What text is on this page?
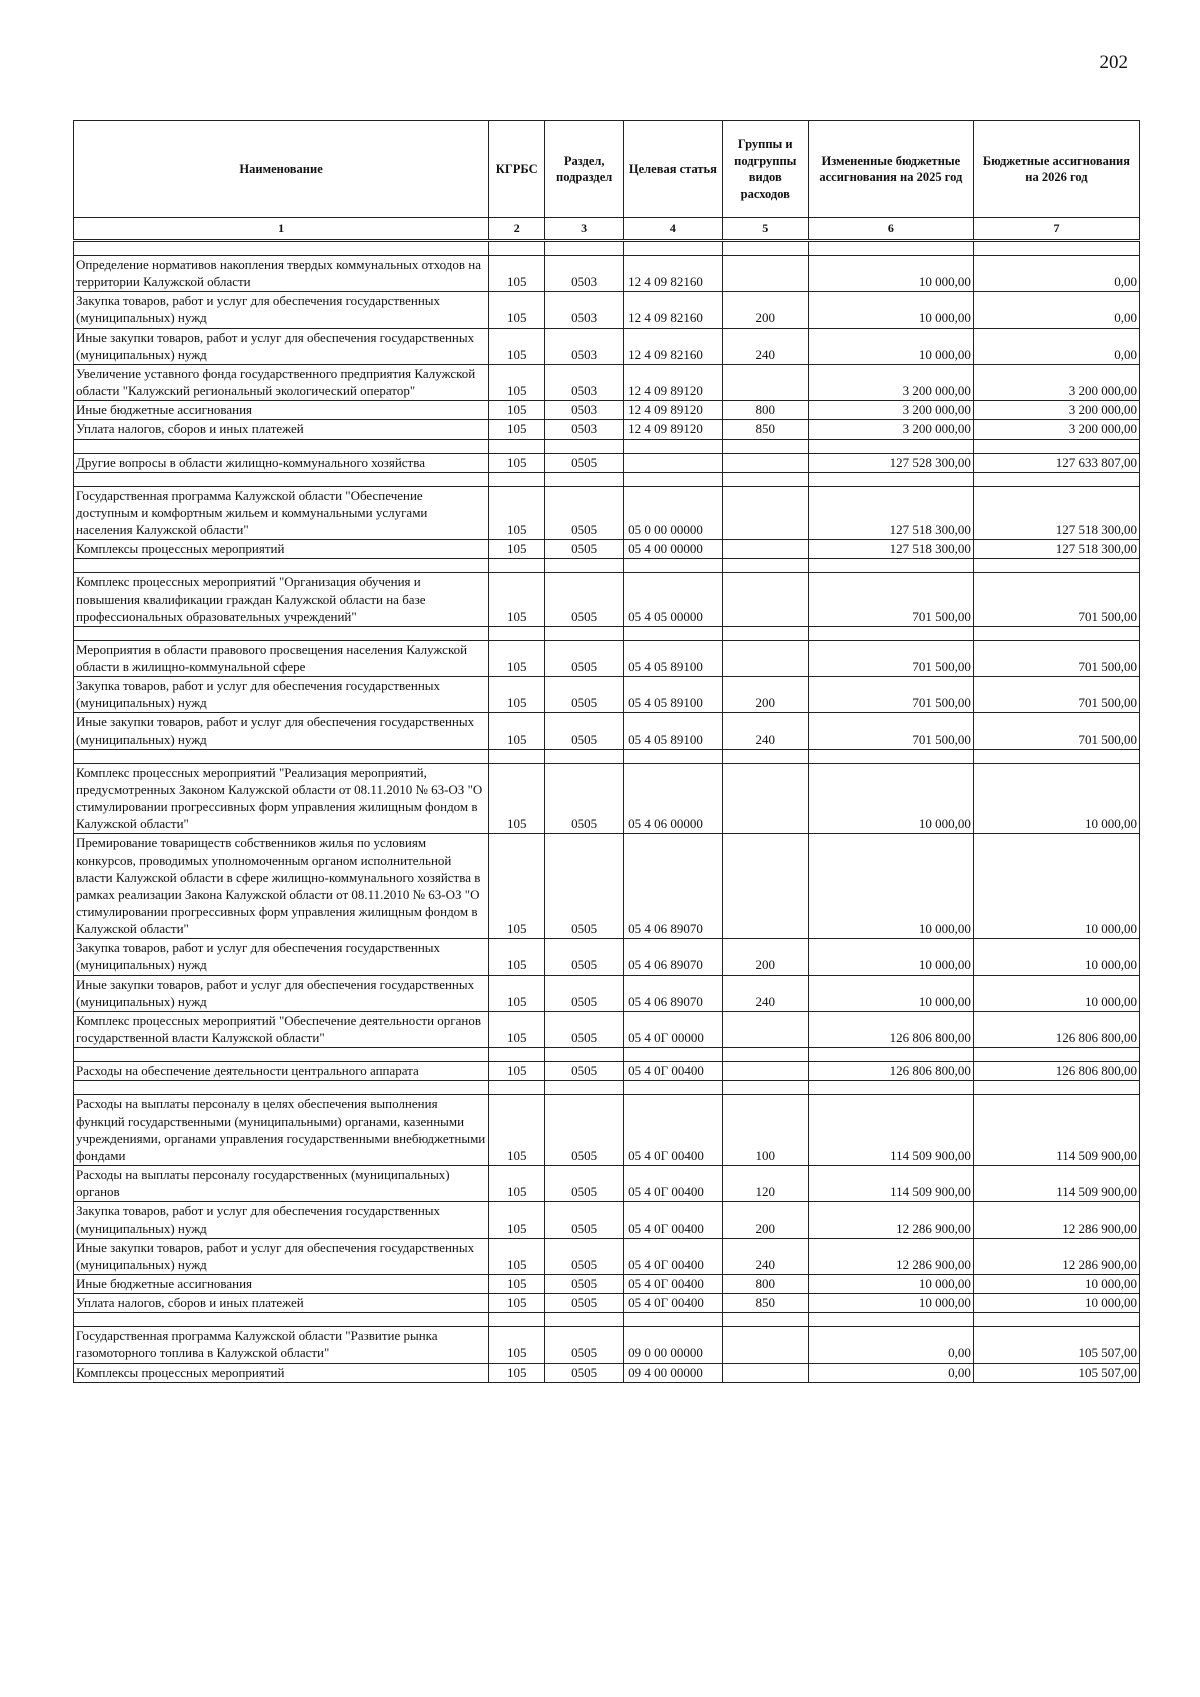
202
Наименование	КГРБС	Раздел, подраздел	Целевая статья	Группы и подгруппы видов расходов	Измененные бюджетные ассигнования на 2025 год	Бюджетные ассигнования на 2026 год
1	2	3	4	5	6	7

Определение нормативов накопления твердых коммунальных отходов на территории Калужской области	105	0503	12 4 09 82160		10 000,00	0,00
Закупка товаров, работ и услуг для обеспечения государственных (муниципальных) нужд	105	0503	12 4 09 82160	200	10 000,00	0,00
Иные закупки товаров, работ и услуг для обеспечения государственных (муниципальных) нужд	105	0503	12 4 09 82160	240	10 000,00	0,00
Увеличение уставного фонда государственного предприятия Калужской области "Калужский региональный экологический оператор"	105	0503	12 4 09 89120		3 200 000,00	3 200 000,00
Иные бюджетные ассигнования	105	0503	12 4 09 89120	800	3 200 000,00	3 200 000,00
Уплата налогов, сборов и иных платежей	105	0503	12 4 09 89120	850	3 200 000,00	3 200 000,00

Другие вопросы в области жилищно-коммунального хозяйства	105	0505			127 528 300,00	127 633 807,00

Государственная программа Калужской области "Обеспечение доступным и комфортным жильем и коммунальными услугами населения Калужской области"	105	0505	05 0 00 00000		127 518 300,00	127 518 300,00
Комплексы процессных мероприятий	105	0505	05 4 00 00000		127 518 300,00	127 518 300,00

Комплекс процессных мероприятий "Организация обучения и повышения квалификации граждан Калужской области на базе профессиональных образовательных учреждений"	105	0505	05 4 05 00000		701 500,00	701 500,00

Мероприятия в области правового просвещения населения Калужской области в жилищно-коммунальной сфере	105	0505	05 4 05 89100		701 500,00	701 500,00
Закупка товаров, работ и услуг для обеспечения государственных (муниципальных) нужд	105	0505	05 4 05 89100	200	701 500,00	701 500,00
Иные закупки товаров, работ и услуг для обеспечения государственных (муниципальных) нужд	105	0505	05 4 05 89100	240	701 500,00	701 500,00

Комплекс процессных мероприятий "Реализация мероприятий, предусмотренных Законом Калужской области от 08.11.2010 № 63-ОЗ "О стимулировании прогрессивных форм управления жилищным фондом в Калужской области"	105	0505	05 4 06 00000		10 000,00	10 000,00
Премирование товариществ собственников жилья по условиям конкурсов, проводимых уполномоченным органом исполнительной власти Калужской области в сфере жилищно-коммунального хозяйства в рамках реализации Закона Калужской области от 08.11.2010 № 63-ОЗ "О стимулировании прогрессивных форм управления жилищным фондом в Калужской области"	105	0505	05 4 06 89070		10 000,00	10 000,00
Закупка товаров, работ и услуг для обеспечения государственных (муниципальных) нужд	105	0505	05 4 06 89070	200	10 000,00	10 000,00
Иные закупки товаров, работ и услуг для обеспечения государственных (муниципальных) нужд	105	0505	05 4 06 89070	240	10 000,00	10 000,00
Комплекс процессных мероприятий "Обеспечение деятельности органов государственной власти Калужской области"	105	0505	05 4 0Г 00000		126 806 800,00	126 806 800,00

Расходы на обеспечение деятельности центрального аппарата	105	0505	05 4 0Г 00400		126 806 800,00	126 806 800,00

Расходы на выплаты персоналу в целях обеспечения выполнения функций государственными (муниципальными) органами, казенными учреждениями, органами управления государственными внебюджетными фондами	105	0505	05 4 0Г 00400	100	114 509 900,00	114 509 900,00
Расходы на выплаты персоналу государственных (муниципальных) органов	105	0505	05 4 0Г 00400	120	114 509 900,00	114 509 900,00
Закупка товаров, работ и услуг для обеспечения государственных (муниципальных) нужд	105	0505	05 4 0Г 00400	200	12 286 900,00	12 286 900,00
Иные закупки товаров, работ и услуг для обеспечения государственных (муниципальных) нужд	105	0505	05 4 0Г 00400	240	12 286 900,00	12 286 900,00
Иные бюджетные ассигнования	105	0505	05 4 0Г 00400	800	10 000,00	10 000,00
Уплата налогов, сборов и иных платежей	105	0505	05 4 0Г 00400	850	10 000,00	10 000,00

Государственная программа Калужской области "Развитие рынка газомоторного топлива в Калужской области"	105	0505	09 0 00 00000		0,00	105 507,00
Комплексы процессных мероприятий	105	0505	09 4 00 00000		0,00	105 507,00
